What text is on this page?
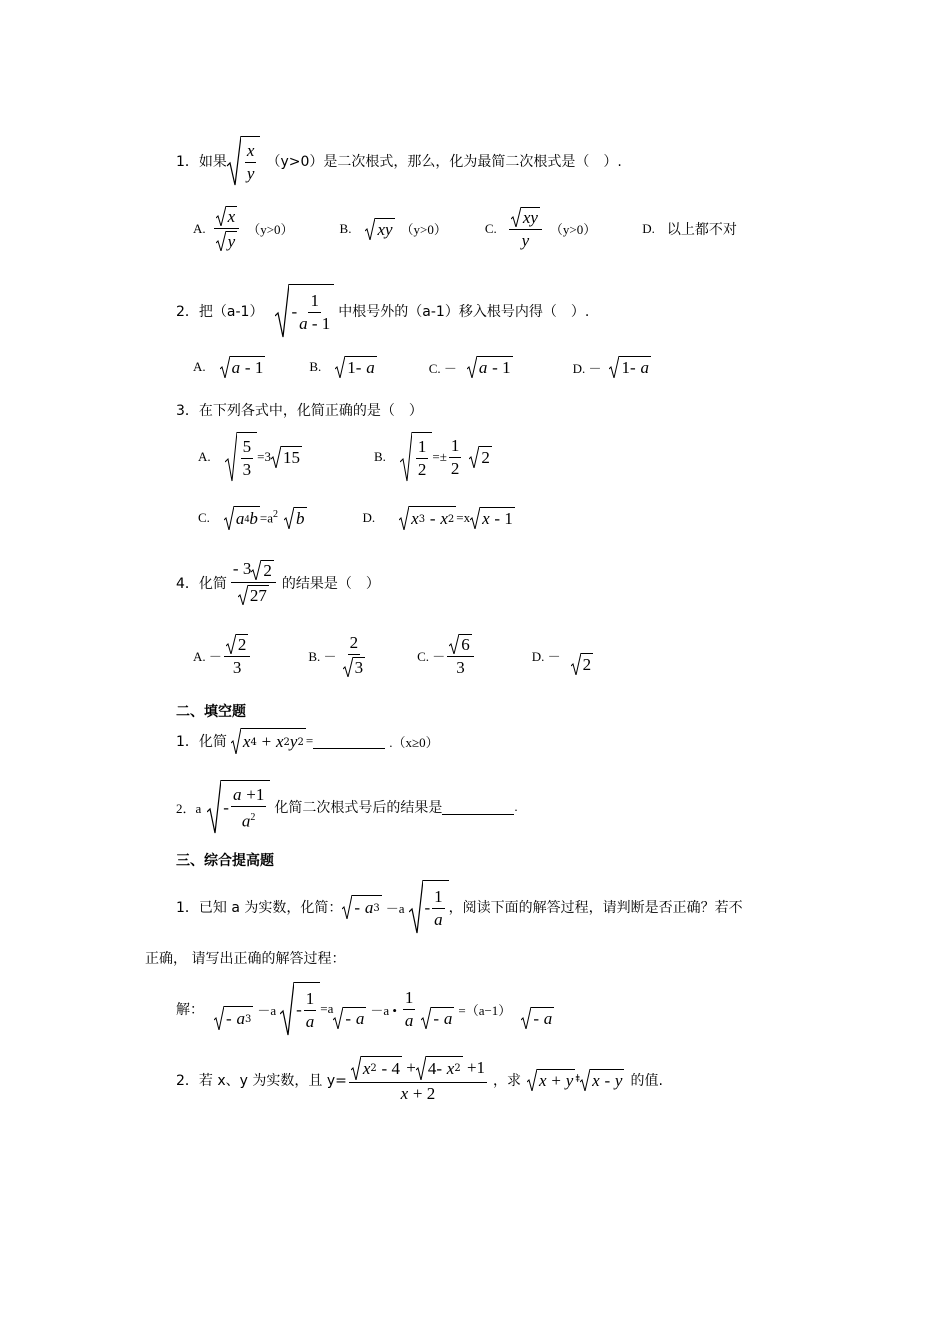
1．如果 $\frac{x}{y} (y>0)$是二次根式，那么，化为最简二次根式是（　）.
A. $\frac{x}{y} (y>0)$	B. xy （y>0）	C. $\frac{xy}{y} (y>0)$	D. 以上都不对
2．把$(a-1) - \frac{1}{a - 1}$ 中根号外的（a-1）移入根号内得（　）.
A. a
- 1	B. 1-
a	C. － a
- 1	D. － 1-
a
3．在下列各式中，化简正确的是（　）
A. $\frac{5}{3} =3$ 15	B. $\frac{1}{2} =\pm \frac{1}{2} 2$
C. a 4 $b =a^2$ b	D. x 3
-
x 2 =x x
- 1
4．化简 $\frac{- 3 2}{27}$ 的结果是（　）
A. － $\frac{2}{3}$	B. － $\frac{2}{3}$	C. － $\frac{6}{3}$	D. － 2
二、填空题
1．化简 x 4
+
x 2 y 2 =	.（x≥0）
2．a - $\frac{a +1}{a^2}$ 化简二次根式号后的结果是	.
三、综合提高题
1．已知 a 为实数，化简： -
a $3 -a - \frac{1}{a}$ ，阅读下面的解答过程，请判断是否正确？若不
正确， 请写出正确的解答过程：
解： -
a 3
$-a - \frac{1}{a} =a$
-
a －a • $\frac{1}{a}$ -
a =（a−1） -
a
2．若 x、y 为实数，且 y= x 2
- 4 + 4-
x 2 +1
x + 2 ，求 x
+
y ⯒ x
-
y 的值.
